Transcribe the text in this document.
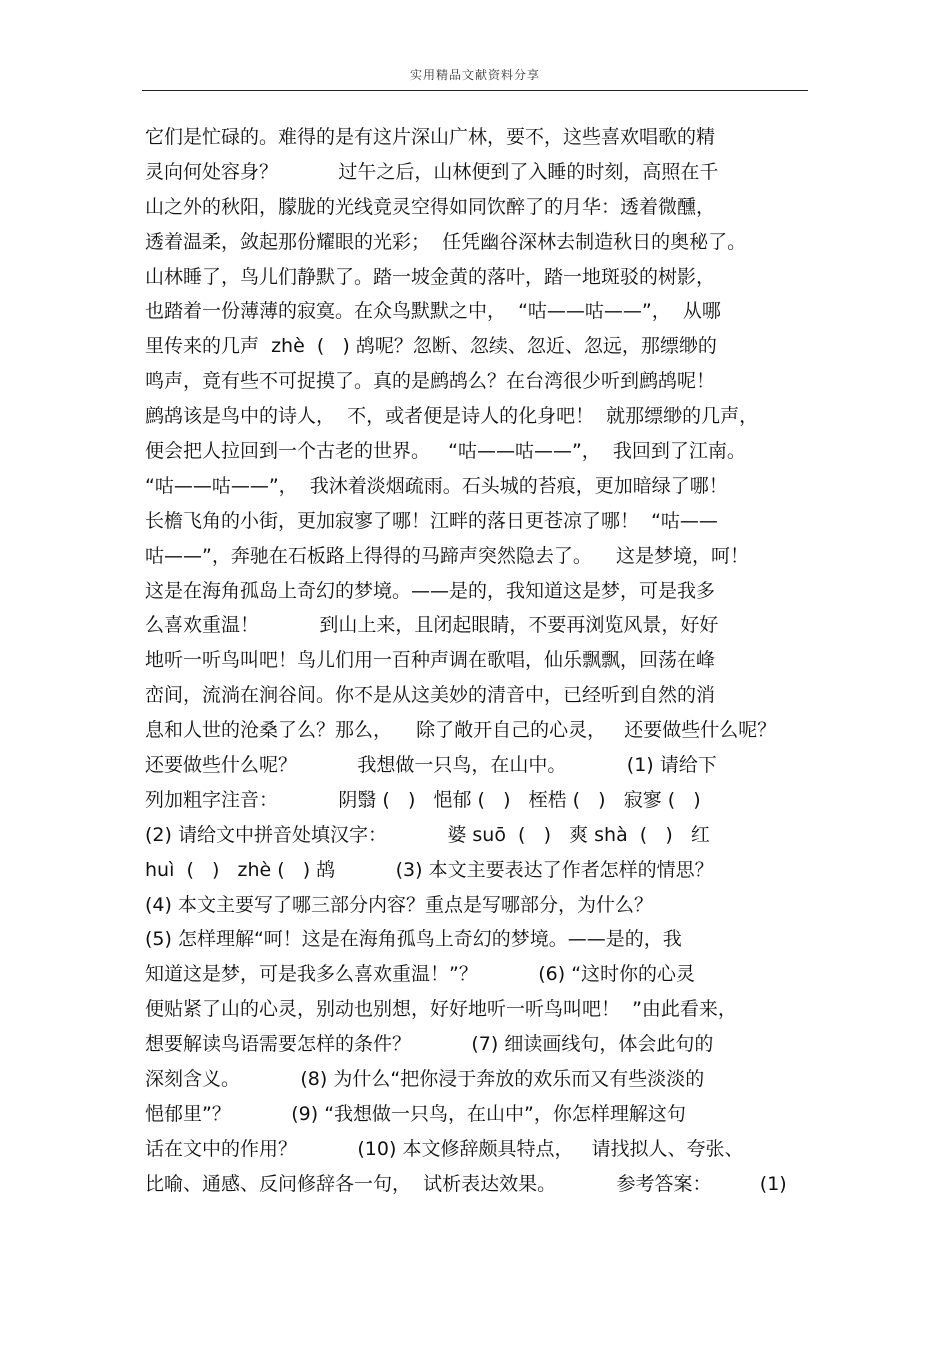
实用精品文献资料分享
它们是忙碌的。难得的是有这片深山广林，要不，这些喜欢唱歌的精
灵向何处容身？          过午之后，山林便到了入睡的时刻，高照在千
山之外的秋阳，朦胧的光线竟灵空得如同饮醉了的月华：透着微醺，
透着温柔，敛起那份耀眼的光彩；  任凭幽谷深林去制造秋日的奥秘了。
山林睡了，鸟儿们静默了。踏一坡金黄的落叶，踏一地斑驳的树影，
也踏着一份薄薄的寂寞。在众鸟默默之中，  “咕——咕——”，  从哪
里传来的几声  zhè  (   ) 鸪呢？忽断、忽续、忽近、忽远，那缥缈的
鸣声，竟有些不可捉摸了。真的是鹧鸪么？在台湾很少听到鹧鸪呢！
鹧鸪该是鸟中的诗人，  不，或者便是诗人的化身吧！  就那缥缈的几声，
便会把人拉回到一个古老的世界。   “咕——咕——”，  我回到了江南。
“咕——咕——”，  我沐着淡烟疏雨。石头城的苔痕，更加暗绿了哪！
长檐飞角的小街，更加寂寥了哪！江畔的落日更苍凉了哪！  “咕——
咕——”，奔驰在石板路上得得的马蹄声突然隐去了。    这是梦境，呵！
这是在海角孤岛上奇幻的梦境。——是的，我知道这是梦，可是我多
么喜欢重温！          到山上来，且闭起眼睛，不要再浏览风景，好好
地听一听鸟叫吧！鸟儿们用一百种声调在歌唱，仙乐飘飘，回荡在峰
峦间，流淌在涧谷间。你不是从这美妙的清音中，已经听到自然的消
息和人世的沧桑了么？那么，    除了敞开自己的心灵，   还要做些什么呢？
还要做些什么呢？          我想做一只鸟，在山中。          (1) 请给下
列加粗字注音：          阴翳 (   )   悒郁 (   )   桎梏 (   )   寂寥 (   )
(2) 请给文中拼音处填汉字：          婆 suō  (   )   爽 shà  (   )   红
huì  (   )   zhè (   ) 鸪          (3) 本文主要表达了作者怎样的情思？
(4) 本文主要写了哪三部分内容？重点是写哪部分，为什么？
(5) 怎样理解“呵！这是在海角孤鸟上奇幻的梦境。——是的，我
知道这是梦，可是我多么喜欢重温！”？          (6) “这时你的心灵
便贴紧了山的心灵，别动也别想，好好地听一听鸟叫吧！  ”由此看来，
想要解读鸟语需要怎样的条件？          (7) 细读画线句，体会此句的
深刻含义。          (8) 为什么“把你浸于奔放的欢乐而又有些淡淡的
悒郁里”？          (9) “我想做一只鸟，在山中”，你怎样理解这句
话在文中的作用？          (10) 本文修辞颇具特点，   请找拟人、夸张、
比喻、通感、反问修辞各一句，  试析表达效果。          参考答案：        (1)
